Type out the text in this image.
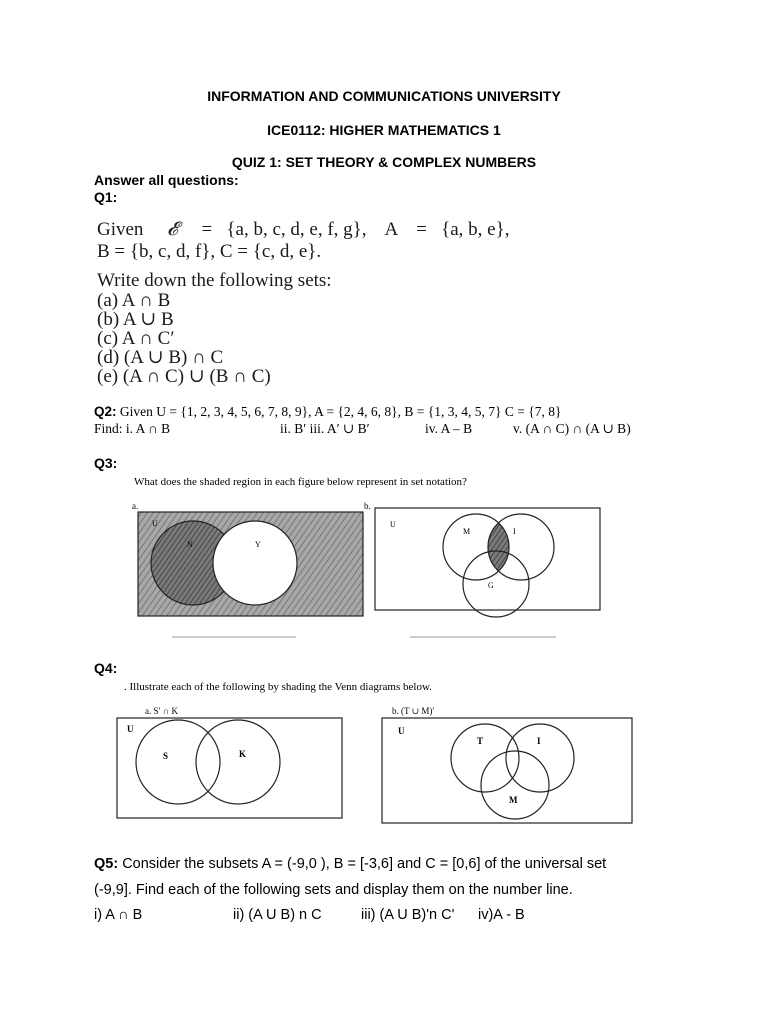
INFORMATION AND COMMUNICATIONS UNIVERSITY
ICE0112: HIGHER MATHEMATICS 1
QUIZ 1: SET THEORY & COMPLEX NUMBERS
Answer all questions:
Q1:
Given 𝓔 =   {a, b, c, d, e, f, g},    A    =   {a, b, e},
B = {b, c, d, f}, C = {c, d, e}.
Write down the following sets:
(a) A ∩ B
(b) A ∪ B
(c) A ∩ C′
(d) (A ∪ B) ∩ C
(e) (A ∩ C) ∪ (B ∩ C)
Q2: Given U = {1, 2, 3, 4, 5, 6, 7, 8, 9}, A = {2, 4, 6, 8}, B = {1, 3, 4, 5, 7} C = {7, 8}
Find: i. A ∩ B	ii. B′ iii. A′ ∪ B′	iv. A – B	v. (A ∩ C) ∩ (A ∪ B)
Q3:
What does the shaded region in each figure below represent in set notation?
a.
U
N	Y
b.
U
M	I
G
Q4:
. Illustrate each of the following by shading the Venn diagrams below.
a. S′ ∩ K
U
S	K
b. (T ∪ M)′
U
T	I
M
Q5: Consider the subsets A = (-9,0 ), B = [-3,6] and C = [0,6] of the universal set
(-9,9]. Find each of the following sets and display them on the number line.
i) A ∩ B	ii) (A U B) n C	iii) (A U B)'n C' iv)A - B
